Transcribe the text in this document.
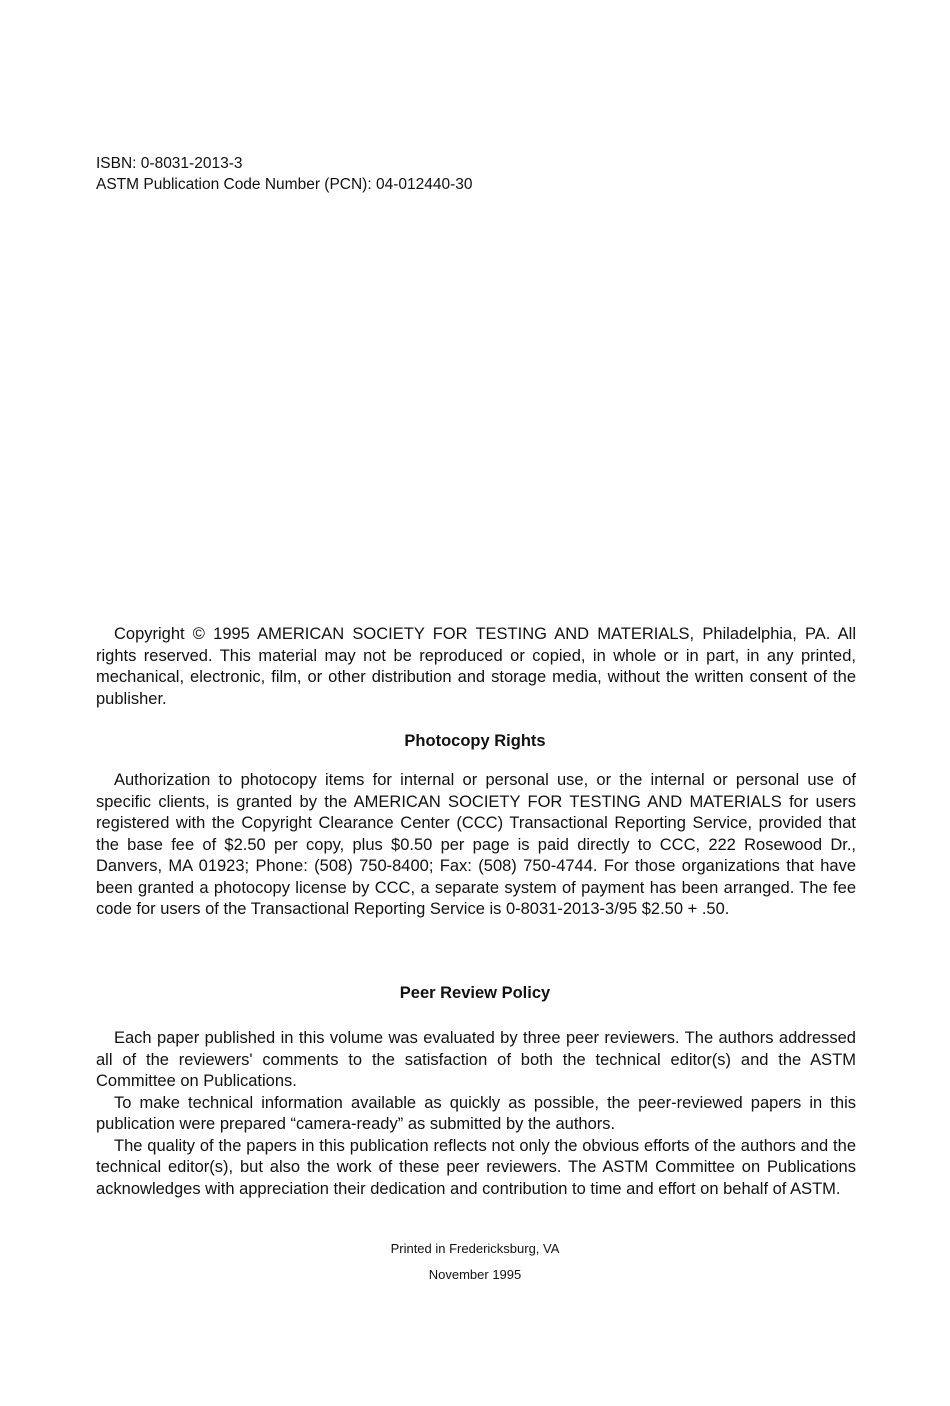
ISBN: 0-8031-2013-3
ASTM Publication Code Number (PCN): 04-012440-30

Copyright © 1995 AMERICAN SOCIETY FOR TESTING AND MATERIALS, Philadelphia, PA. All rights reserved. This material may not be reproduced or copied, in whole or in part, in any printed, mechanical, electronic, film, or other distribution and storage media, without the written consent of the publisher.

Photocopy Rights

Authorization to photocopy items for internal or personal use, or the internal or personal use of specific clients, is granted by the AMERICAN SOCIETY FOR TESTING AND MATERIALS for users registered with the Copyright Clearance Center (CCC) Transactional Reporting Service, provided that the base fee of $2.50 per copy, plus $0.50 per page is paid directly to CCC, 222 Rosewood Dr., Danvers, MA 01923; Phone: (508) 750-8400; Fax: (508) 750-4744. For those organizations that have been granted a photocopy license by CCC, a separate system of payment has been arranged. The fee code for users of the Transactional Reporting Service is 0-8031-2013-3/95 $2.50 + .50.

Peer Review Policy

Each paper published in this volume was evaluated by three peer reviewers. The authors addressed all of the reviewers' comments to the satisfaction of both the technical editor(s) and the ASTM Committee on Publications.

To make technical information available as quickly as possible, the peer-reviewed papers in this publication were prepared “camera-ready” as submitted by the authors.

The quality of the papers in this publication reflects not only the obvious efforts of the authors and the technical editor(s), but also the work of these peer reviewers. The ASTM Committee on Publications acknowledges with appreciation their dedication and contribution to time and effort on behalf of ASTM.

Printed in Fredericksburg, VA
November 1995
